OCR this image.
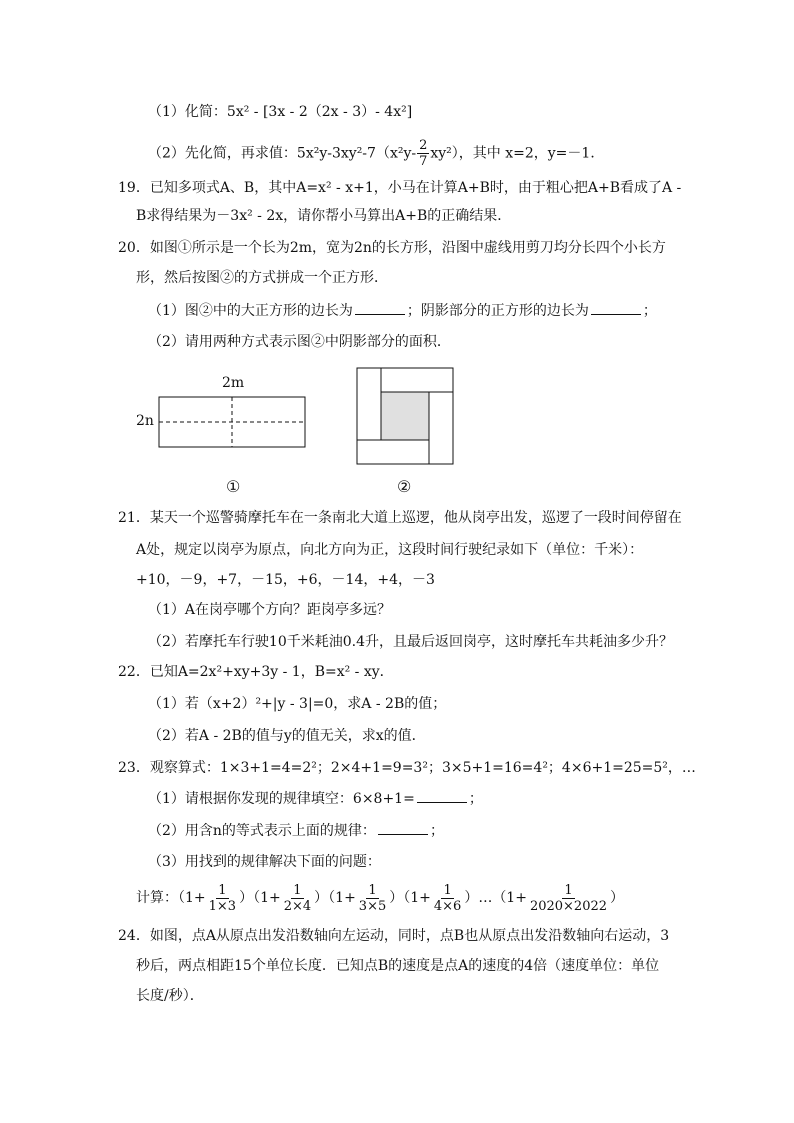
（1）化简：5x² - [3x - 2（2x - 3）- 4x²]
（2）先化简，再求值：$5x^2y-3xy^2-7(x^2y- \frac{2}{7} xy^2)$，其中 x=2，y=－1．
19．已知多项式A、B，其中A=x² - x+1，小马在计算A+B时，由于粗心把A+B看成了A -
B求得结果为－3x² - 2x，请你帮小马算出A+B的正确结果．
20．如图①所示是一个长为2m，宽为2n的长方形，沿图中虚线用剪刀均分长四个小长方
形，然后按图②的方式拼成一个正方形．
（1）图②中的大正方形的边长为	；阴影部分的正方形的边长为	；
（2）请用两种方式表示图②中阴影部分的面积．
2m
2n
①	②
21．某天一个巡警骑摩托车在一条南北大道上巡逻，他从岗亭出发，巡逻了一段时间停留在
A处，规定以岗亭为原点，向北方向为正，这段时间行驶纪录如下（单位：千米）：
+10，－9，+7，－15，+6，－14，+4，－3
（1）A在岗亭哪个方向？距岗亭多远？
（2）若摩托车行驶10千米耗油0.4升，且最后返回岗亭，这时摩托车共耗油多少升？
22．已知A=2x²+xy+3y - 1，B=x² - xy．
（1）若（x+2）²+|y - 3|=0，求A - 2B的值；
（2）若A - 2B的值与y的值无关，求x的值．
23．观察算式：1×3+1=4=2²；2×4+1=9=3²；3×5+1=16=4²；4×6+1=25=5²，…
（1）请根据你发现的规律填空：6×8+1=	；
（2）用含n的等式表示上面的规律：	；
（3）用找到的规律解决下面的问题：
计算：$(1+ \frac{1}{1\times 3} )(1+ \frac{1}{2\times 4} )(1+ \frac{1}{3\times 5} )(1+ \frac{1}{4\times 6}$ ）…（1+ $\frac{1}{2020\times 2022}$ ）
24．如图，点A从原点出发沿数轴向左运动，同时，点B也从原点出发沿数轴向右运动，3
秒后，两点相距15个单位长度．已知点B的速度是点A的速度的4倍（速度单位：单位
长度/秒）．
